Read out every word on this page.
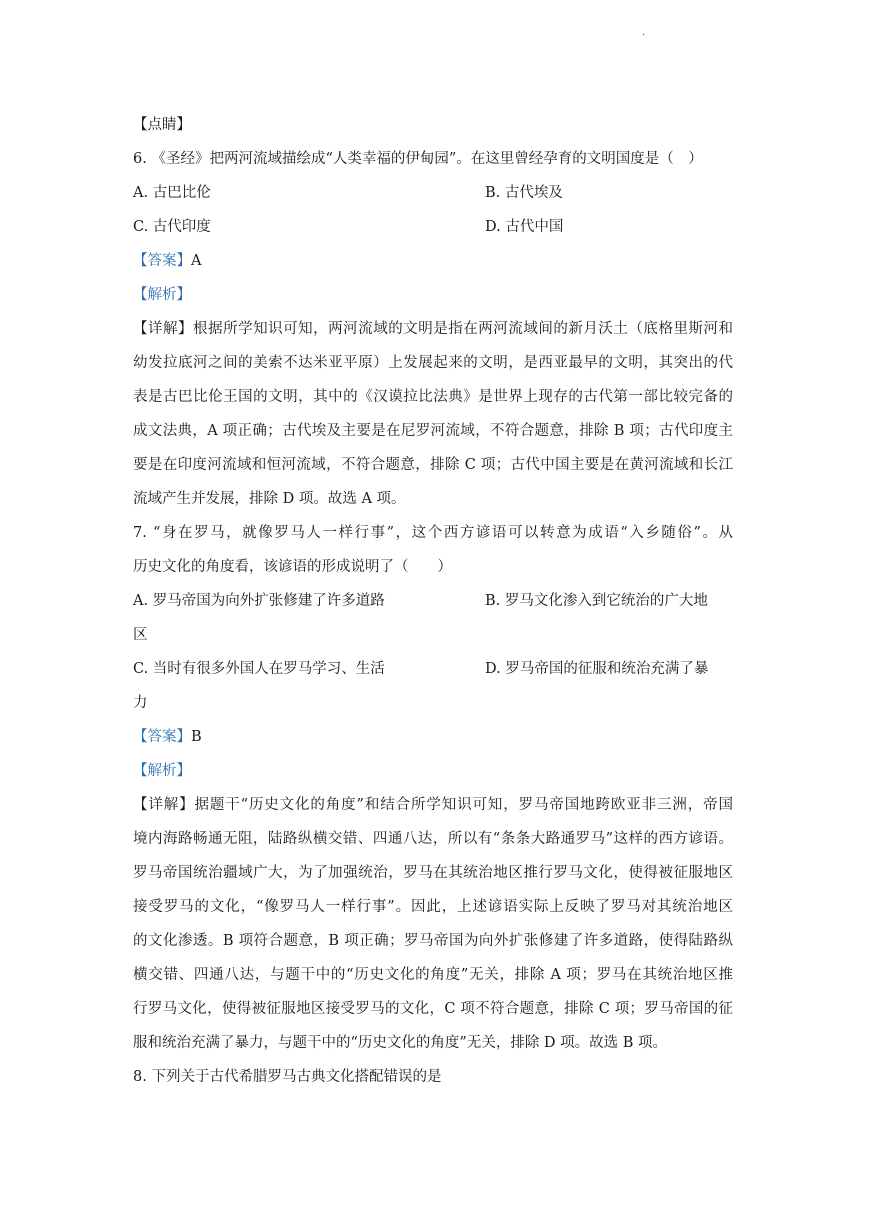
·
【点睛】
6. 《圣经》把两河流域描绘成“人类幸福的伊甸园”。在这里曾经孕育的文明国度是（　）
A. 古巴比伦	B. 古代埃及
C. 古代印度	D. 古代中国
【答案】A
【解析】
【详解】根据所学知识可知，两河流域的文明是指在两河流域间的新月沃土（底格里斯河和
幼发拉底河之间的美索不达米亚平原）上发展起来的文明，是西亚最早的文明，其突出的代
表是古巴比伦王国的文明，其中的《汉谟拉比法典》是世界上现存的古代第一部比较完备的
成文法典，A 项正确；古代埃及主要是在尼罗河流域，不符合题意，排除 B 项；古代印度主
要是在印度河流域和恒河流域，不符合题意，排除 C 项；古代中国主要是在黄河流域和长江
流域产生并发展，排除 D 项。故选 A 项。
7. “身在罗马，就像罗马人一样行事”，这个西方谚语可以转意为成语“入乡随俗”。从
历史文化的角度看，该谚语的形成说明了（　　）
A. 罗马帝国为向外扩张修建了许多道路	B. 罗马文化渗入到它统治的广大地
区
C. 当时有很多外国人在罗马学习、生活	D. 罗马帝国的征服和统治充满了暴
力
【答案】B
【解析】
【详解】据题干“历史文化的角度”和结合所学知识可知，罗马帝国地跨欧亚非三洲，帝国
境内海路畅通无阻，陆路纵横交错、四通八达，所以有“条条大路通罗马”这样的西方谚语。
罗马帝国统治疆域广大，为了加强统治，罗马在其统治地区推行罗马文化，使得被征服地区
接受罗马的文化，“像罗马人一样行事”。因此，上述谚语实际上反映了罗马对其统治地区
的文化渗透。B 项符合题意，B 项正确；罗马帝国为向外扩张修建了许多道路，使得陆路纵
横交错、四通八达，与题干中的“历史文化的角度”无关，排除 A 项；罗马在其统治地区推
行罗马文化，使得被征服地区接受罗马的文化，C 项不符合题意，排除 C 项；罗马帝国的征
服和统治充满了暴力，与题干中的“历史文化的角度”无关，排除 D 项。故选 B 项。
8. 下列关于古代希腊罗马古典文化搭配错误的是
